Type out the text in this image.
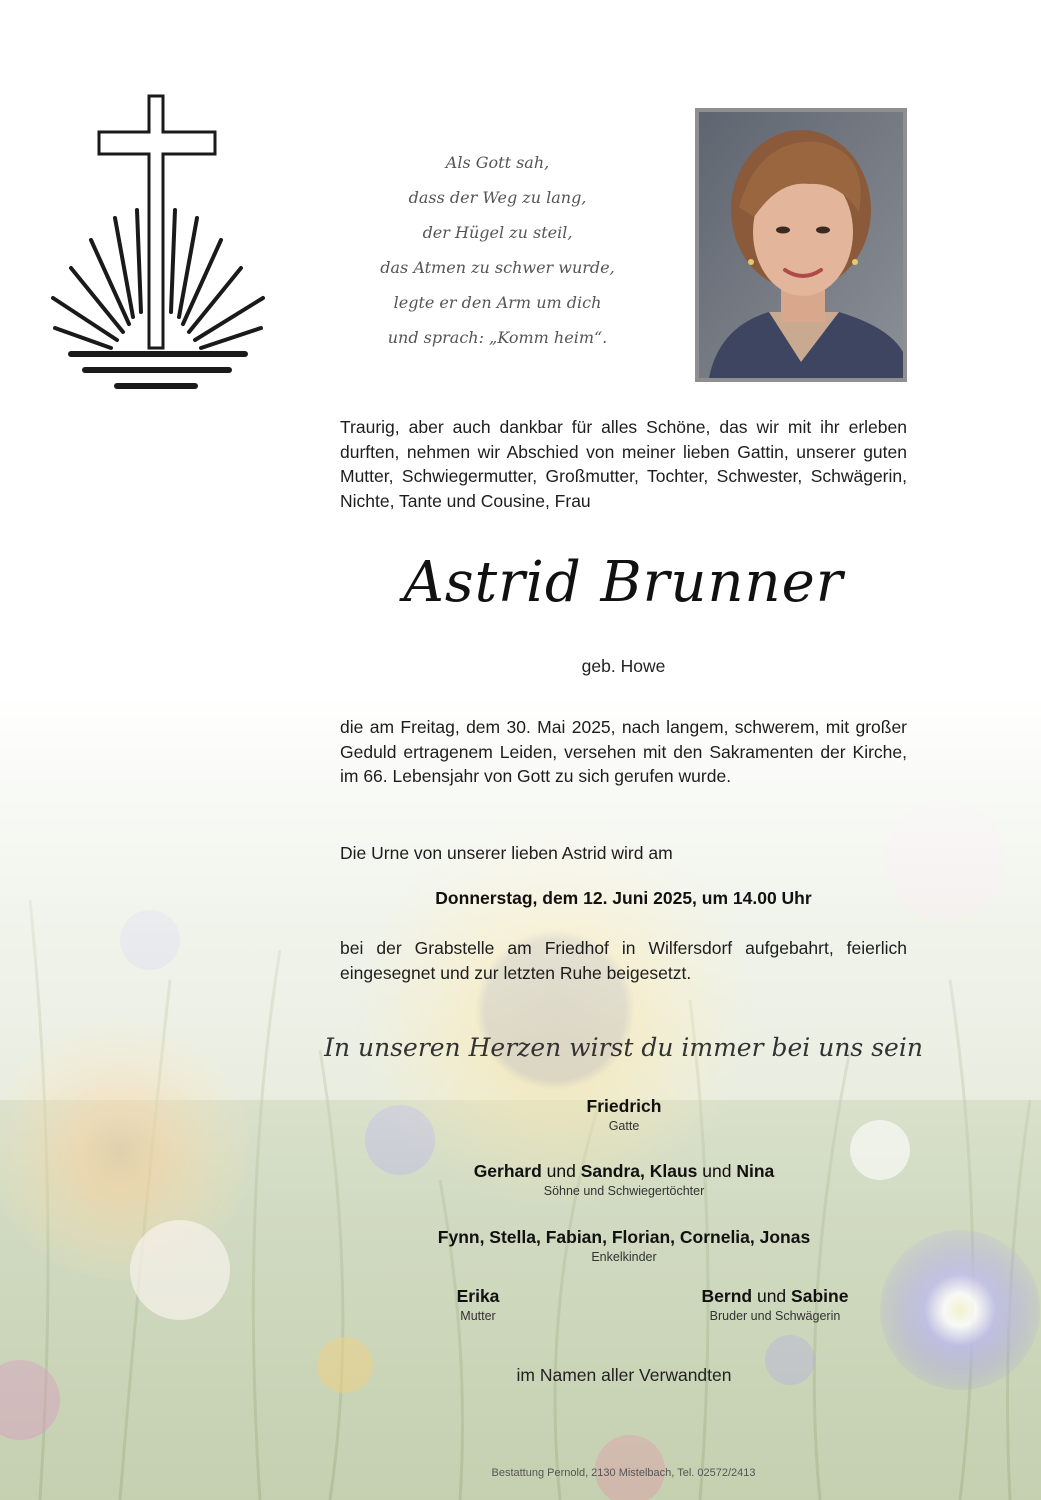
Als Gott sah,
dass der Weg zu lang,
der Hügel zu steil,
das Atmen zu schwer wurde,
legte er den Arm um dich
und sprach: „Komm heim“.
Traurig, aber auch dankbar für alles Schöne, das wir mit ihr erleben durften, nehmen wir Abschied von meiner lieben Gattin, unserer guten Mutter, Schwiegermutter, Großmutter, Tochter, Schwester, Schwägerin, Nichte, Tante und Cousine, Frau
Astrid Brunner
geb. Howe
die am Freitag, dem 30. Mai 2025, nach langem, schwerem, mit großer Geduld ertragenem Leiden, versehen mit den Sakramenten der Kirche, im 66. Lebensjahr von Gott zu sich gerufen wurde.
Die Urne von unserer lieben Astrid wird am
Donnerstag, dem 12. Juni 2025, um 14.00 Uhr
bei der Grabstelle am Friedhof in Wilfersdorf aufgebahrt, feierlich eingesegnet und zur letzten Ruhe beigesetzt.
In unseren Herzen wirst du immer bei uns sein
Friedrich
Gatte
Gerhard und Sandra, Klaus und Nina
Söhne und Schwiegertöchter
Fynn, Stella, Fabian, Florian, Cornelia, Jonas
Enkelkinder
Erika
Mutter
Bernd und Sabine
Bruder und Schwägerin
im Namen aller Verwandten
Bestattung Pernold, 2130 Mistelbach, Tel. 02572/2413
